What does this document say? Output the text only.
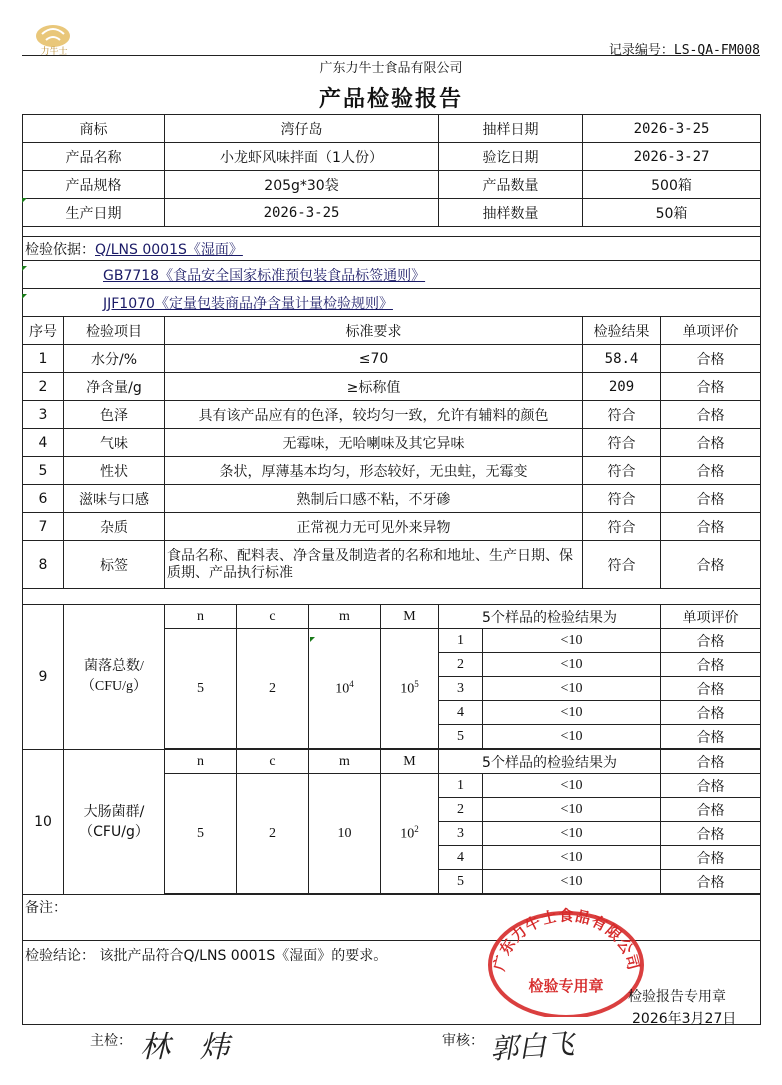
力牛士	记录编号：LS-QA-FM008
广东力牛士食品有限公司
产品检验报告
商标		湾仔岛				抽样日期		2026-3-25	
产品名称		小龙虾风味拌面（1人份）				验讫日期		2026-3-27	
产品规格		205g*30袋				产品数量		500箱	
生产日期		2026-3-25				抽样数量		50箱	

检验依据：Q/LNS 0001S《湿面》									
GB7718《食品安全国家标准预包装食品标签通则》									
JJF1070《定量包装商品净含量计量检验规则》									
序号	检验项目	标准要求						检验结果	单项评价
1	水分/%	≤70						58.4	合格
2	净含量/g	≥标称值						209	合格
3	色泽	具有该产品应有的色泽，较均匀一致，允许有辅料的颜色						符合	合格
4	气味	无霉味，无哈喇味及其它异味						符合	合格
5	性状	条状，厚薄基本均匀，形态较好，无虫蛀，无霉变						符合	合格
6	滋味与口感	熟制后口感不粘，不牙碜						符合	合格
7	杂质	正常视力无可见外来异物						符合	合格
8	标签	食品名称、配料表、净含量及制造者的名称和地址、生产日期、保质期、产品执行标准						符合	合格

9	菌落总数/（CFU/g）	n	c	m	M	5个样品的检验结果为			单项评价
		5	2	$10^4$	$10^5$	1	<10		合格
						2	<10		合格
						3	<10		合格
						4	<10		合格
						5	<10		合格

10	大肠菌群/（CFU/g）	n	c	m	M	5个样品的检验结果为			合格
		5	2	10	$10^2$	1	<10		合格
						2	<10		合格
						3	<10		合格
						4	<10		合格
						5	<10		合格

备注：									
检验结论： 该批产品符合Q/LNS 0001S《湿面》的要求。										广东力牛士食品有限公司
检验专用章
检验报告专用章
2026年3月27日
主检： 林 炜	审核： 郭白飞
